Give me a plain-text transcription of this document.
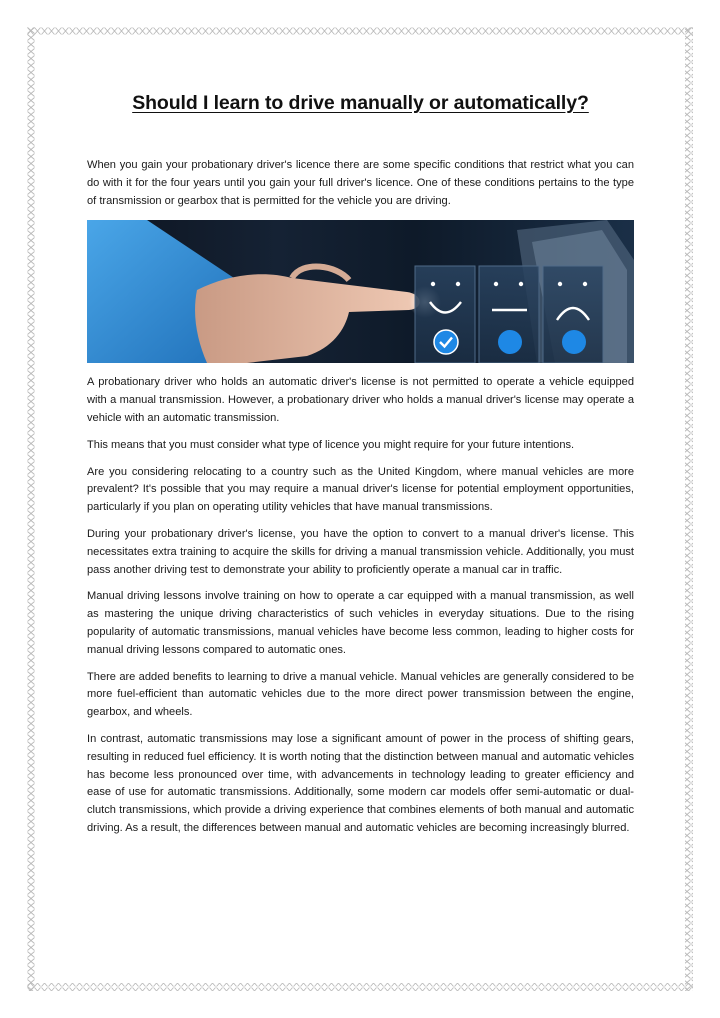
Should I learn to drive manually or automatically?

When you gain your probationary driver's licence there are some specific conditions that restrict what you can do with it for the four years until you gain your full driver's licence. One of these conditions pertains to the type of transmission or gearbox that is permitted for the vehicle you are driving.

A probationary driver who holds an automatic driver's license is not permitted to operate a vehicle equipped with a manual transmission. However, a probationary driver who holds a manual driver's license may operate a vehicle with an automatic transmission.

This means that you must consider what type of licence you might require for your future intentions.

Are you considering relocating to a country such as the United Kingdom, where manual vehicles are more prevalent? It's possible that you may require a manual driver's license for potential employment opportunities, particularly if you plan on operating utility vehicles that have manual transmissions.

During your probationary driver's license, you have the option to convert to a manual driver's license. This necessitates extra training to acquire the skills for driving a manual transmission vehicle. Additionally, you must pass another driving test to demonstrate your ability to proficiently operate a manual car in traffic.

Manual driving lessons involve training on how to operate a car equipped with a manual transmission, as well as mastering the unique driving characteristics of such vehicles in everyday situations. Due to the rising popularity of automatic transmissions, manual vehicles have become less common, leading to higher costs for manual driving lessons compared to automatic ones.

There are added benefits to learning to drive a manual vehicle. Manual vehicles are generally considered to be more fuel-efficient than automatic vehicles due to the more direct power transmission between the engine, gearbox, and wheels.

In contrast, automatic transmissions may lose a significant amount of power in the process of shifting gears, resulting in reduced fuel efficiency. It is worth noting that the distinction between manual and automatic vehicles has become less pronounced over time, with advancements in technology leading to greater efficiency and ease of use for automatic transmissions. Additionally, some modern car models offer semi-automatic or dual-clutch transmissions, which provide a driving experience that combines elements of both manual and automatic driving. As a result, the differences between manual and automatic vehicles are becoming increasingly blurred.
